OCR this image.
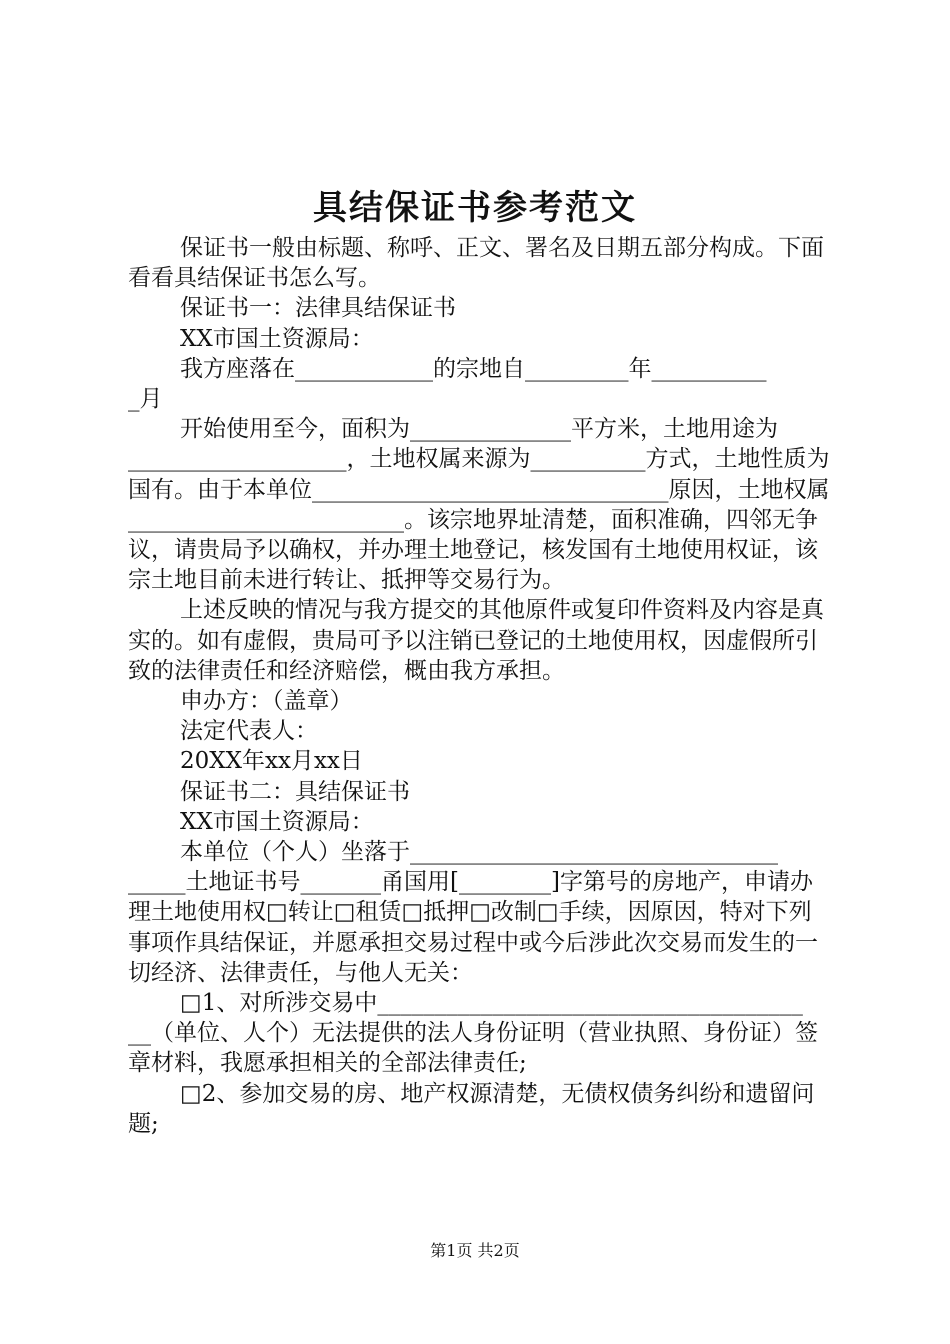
具结保证书参考范文

保证书一般由标题、称呼、正文、署名及日期五部分构成。下面看看具结保证书怎么写。

保证书一：法律具结保证书

XX市国土资源局：

我方座落在____________的宗地自_________年__________

_月

开始使用至今，面积为______________平方米，土地用途为___________________，土地权属来源为__________方式，土地性质为国有。由于本单位_______________________________原因，土地权属________________________。该宗地界址清楚，面积准确，四邻无争议，请贵局予以确权，并办理土地登记，核发国有土地使用权证，该宗土地目前未进行转让、抵押等交易行为。

上述反映的情况与我方提交的其他原件或复印件资料及内容是真实的。如有虚假，贵局可予以注销已登记的土地使用权，因虚假所引致的法律责任和经济赔偿，概由我方承担。

申办方：（盖章）

法定代表人：

20XX年xx月xx日

保证书二：具结保证书

XX市国土资源局：

本单位（个人）坐落于________________________________

_____土地证书号_______甬国用[________]字第号的房地产，申请办理土地使用权□转让□租赁□抵押□改制□手续，因原因，特对下列事项作具结保证，并愿承担交易过程中或今后涉此次交易而发生的一切经济、法律责任，与他人无关：

□1、对所涉交易中_____________________________________

__（单位、人个）无法提供的法人身份证明（营业执照、身份证）签章材料，我愿承担相关的全部法律责任;

□2、参加交易的房、地产权源清楚，无债权债务纠纷和遗留问题;

第1页 共2页
